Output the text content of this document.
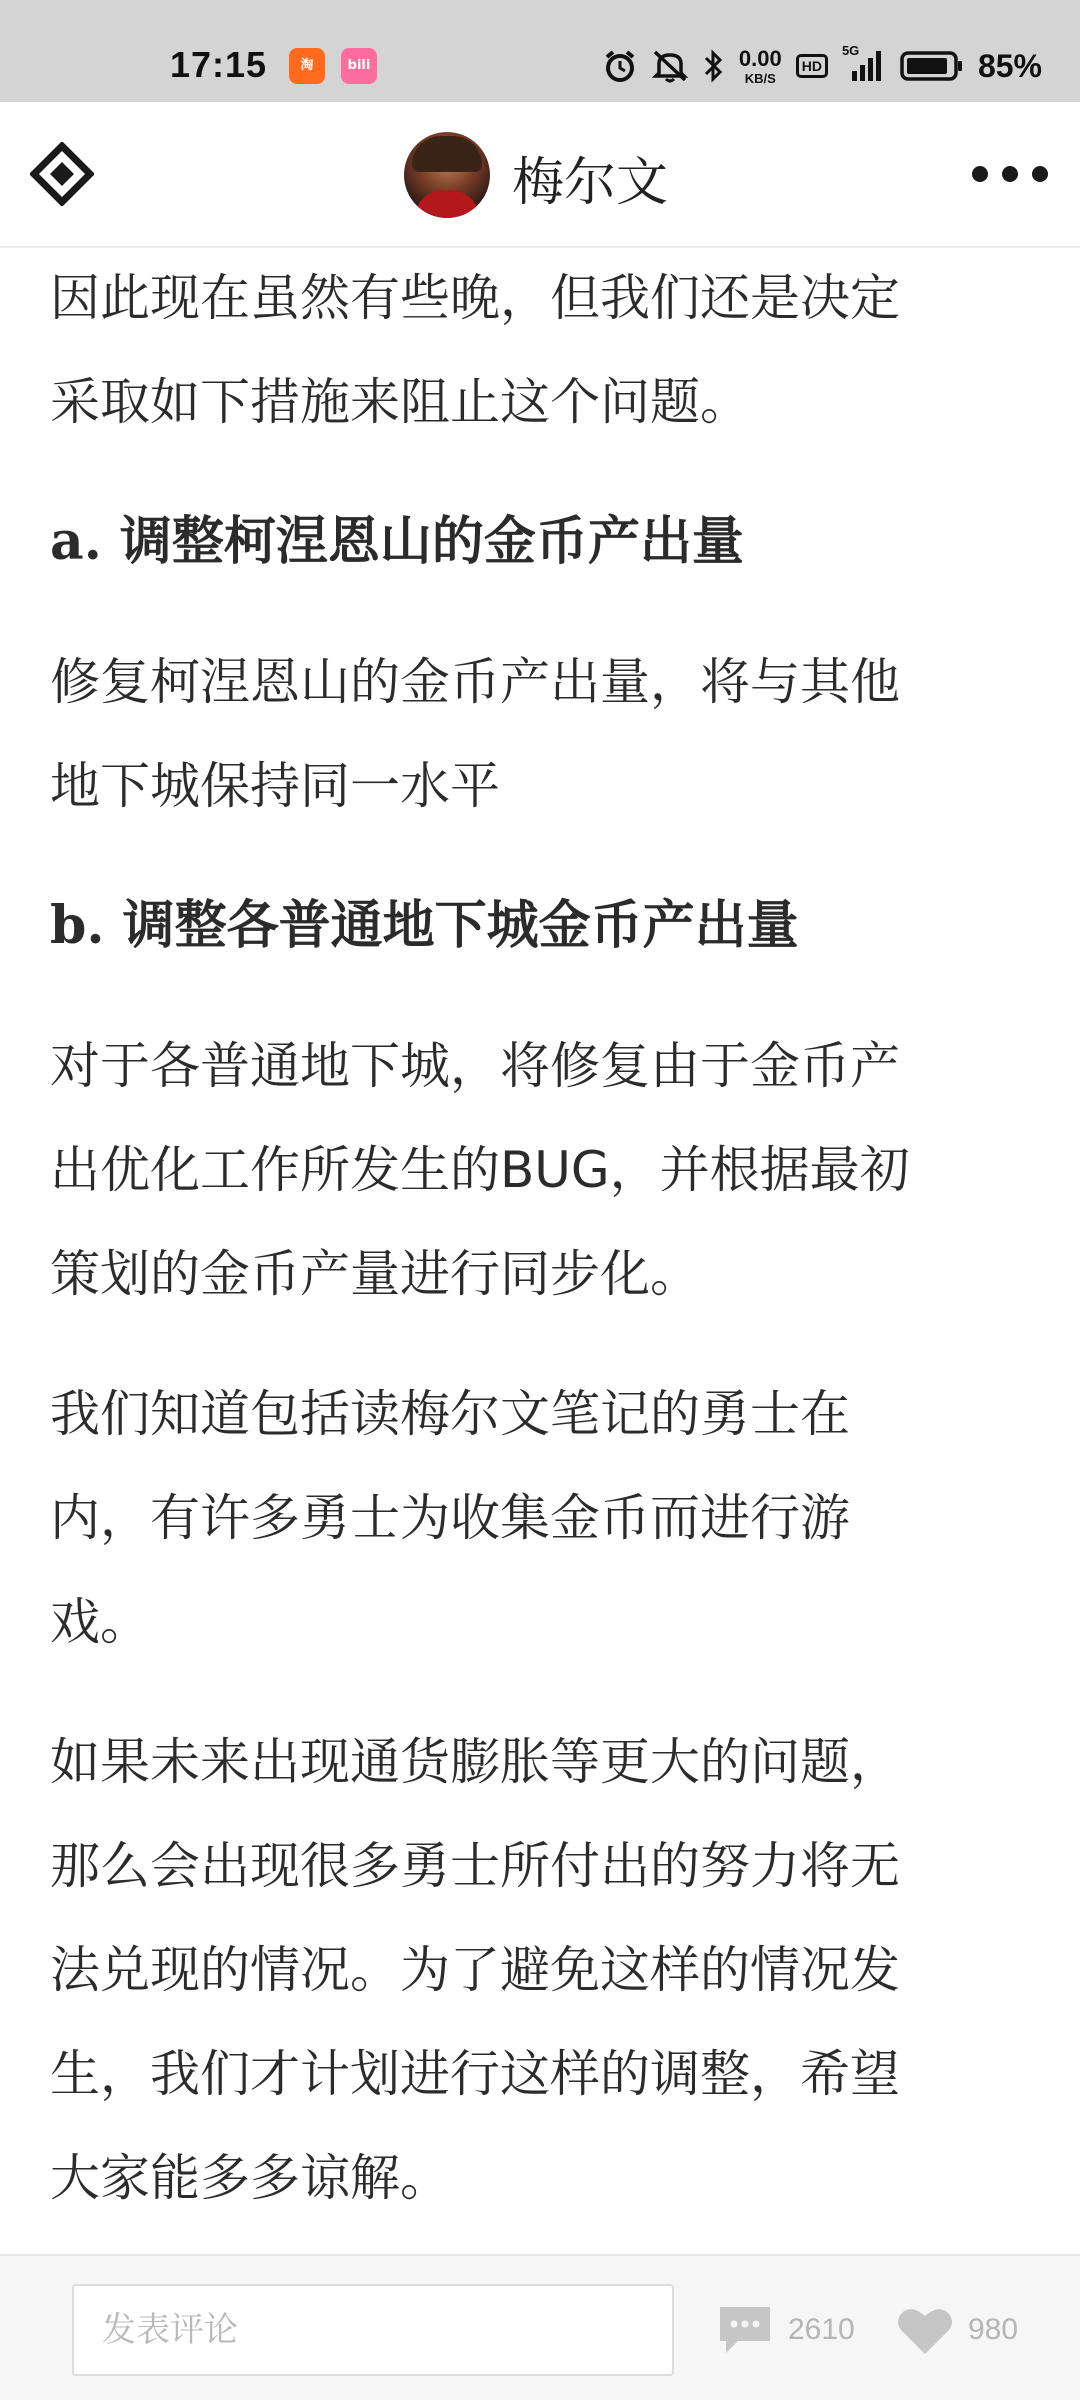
17:15	淘	bili	0.00
KB/S
HD
5G	85%
梅尔文

因此现在虽然有些晚，但我们还是决定
采取如下措施来阻止这个问题。

a. 调整柯涅恩山的金币产出量

修复柯涅恩山的金币产出量，将与其他
地下城保持同一水平

b. 调整各普通地下城金币产出量

对于各普通地下城，将修复由于金币产
出优化工作所发生的BUG，并根据最初
策划的金币产量进行同步化。

我们知道包括读梅尔文笔记的勇士在
内，有许多勇士为收集金币而进行游
戏。

如果未来出现通货膨胀等更大的问题，
那么会出现很多勇士所付出的努力将无
法兑现的情况。为了避免这样的情况发
生，我们才计划进行这样的调整，希望
大家能多多谅解。

发表评论
2610	980
